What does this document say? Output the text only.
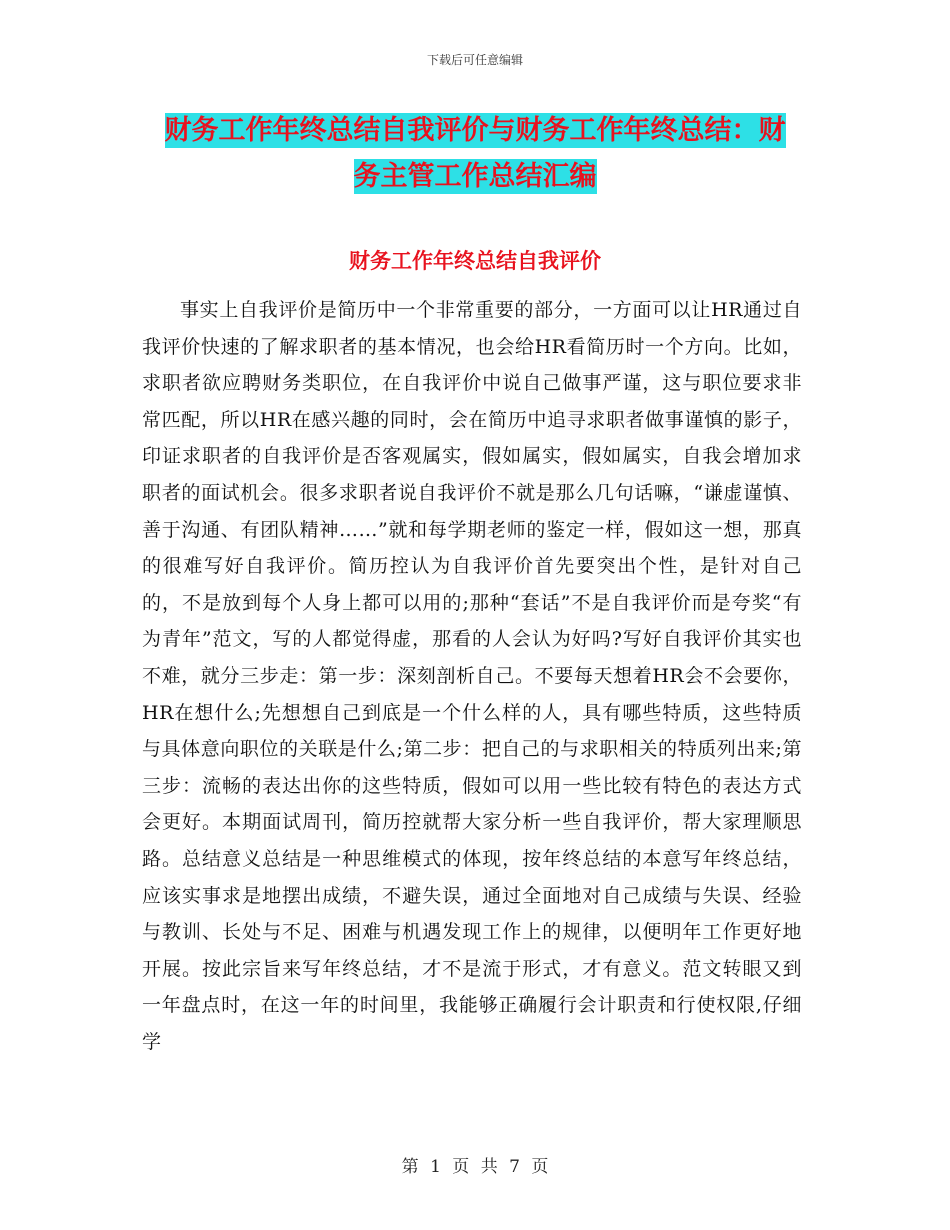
下载后可任意编辑
财务工作年终总结自我评价与财务工作年终总结：财
务主管工作总结汇编
财务工作年终总结自我评价

事实上自我评价是简历中一个非常重要的部分，一方面可以让HR通过自我评价快速的了解求职者的基本情况，也会给HR看简历时一个方向。比如，求职者欲应聘财务类职位，在自我评价中说自己做事严谨，这与职位要求非常匹配，所以HR在感兴趣的同时，会在简历中追寻求职者做事谨慎的影子，印证求职者的自我评价是否客观属实，假如属实，假如属实，自我会增加求职者的面试机会。很多求职者说自我评价不就是那么几句话嘛，“谦虚谨慎、善于沟通、有团队精神……”就和每学期老师的鉴定一样，假如这一想，那真的很难写好自我评价。简历控认为自我评价首先要突出个性，是针对自己的，不是放到每个人身上都可以用的;那种“套话”不是自我评价而是夸奖“有为青年”范文，写的人都觉得虚，那看的人会认为好吗?写好自我评价其实也不难，就分三步走：第一步：深刻剖析自己。不要每天想着HR会不会要你，HR在想什么;先想想自己到底是一个什么样的人，具有哪些特质，这些特质与具体意向职位的关联是什么;第二步：把自己的与求职相关的特质列出来;第三步：流畅的表达出你的这些特质，假如可以用一些比较有特色的表达方式会更好。本期面试周刊，简历控就帮大家分析一些自我评价，帮大家理顺思路。总结意义总结是一种思维模式的体现，按年终总结的本意写年终总结，应该实事求是地摆出成绩，不避失误，通过全面地对自己成绩与失误、经验与教训、长处与不足、困难与机遇发现工作上的规律，以便明年工作更好地开展。按此宗旨来写年终总结，才不是流于形式，才有意义。范文转眼又到一年盘点时，在这一年的时间里，我能够正确履行会计职责和行使权限,仔细学

第 1 页 共 7 页
